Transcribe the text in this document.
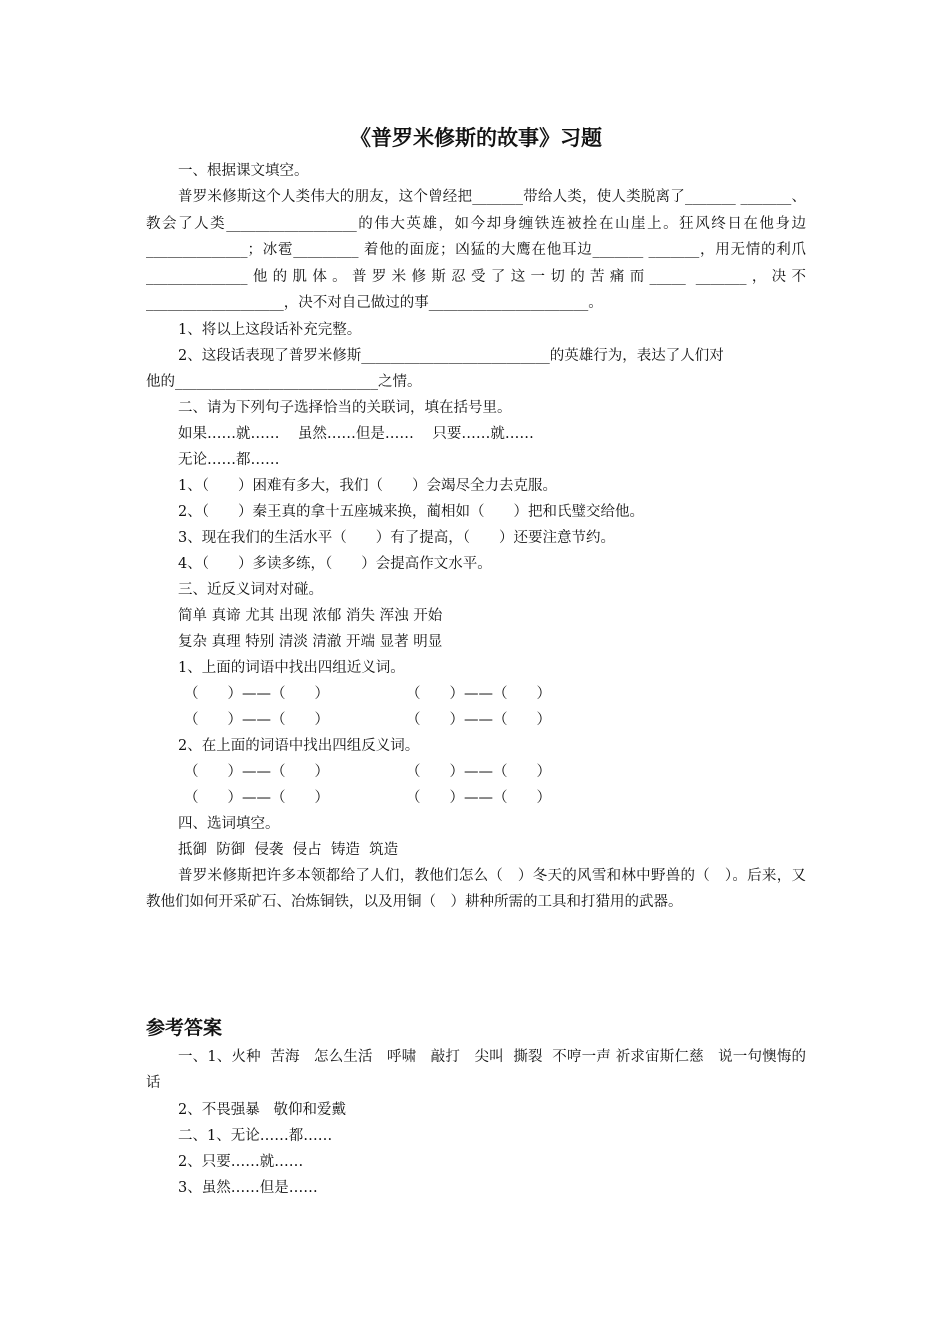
《普罗米修斯的故事》习题
一、根据课文填空。
普罗米修斯这个人类伟大的朋友，这个曾经把_______带给人类，使人类脱离了_______ _______、教会了人类__________________的伟大英雄，如今却身缠铁连被拴在山崖上。狂风终日在他身边______________；冰雹_________ 着他的面庞；凶猛的大鹰在他耳边_______ _______，用无情的利爪______________他的肌体。普罗米修斯忍受了这一切的苦痛而_____ _______，决不___________________，决不对自己做过的事______________________。
1、将以上这段话补充完整。
2、这段话表现了普罗米修斯__________________________的英雄行为，表达了人们对
他的____________________________之情。
二、请为下列句子选择恰当的关联词，填在括号里。
如果……就……    虽然……但是……    只要……就……
无论……都……
1、（　　）困难有多大，我们（　　）会竭尽全力去克服。
2、（　　）秦王真的拿十五座城来换，蔺相如（　　）把和氏璧交给他。
3、现在我们的生活水平（　　）有了提高，（　　）还要注意节约。
4、（　　）多读多练，（　　）会提高作文水平。
三、近反义词对对碰。
简单 真谛 尤其 出现 浓郁 消失 浑浊 开始
复杂 真理 特别 清淡 清澈 开端 显著 明显
1、上面的词语中找出四组近义词。
（　　）——（　　）	（　　）——（　　）
（　　）——（　　）	（　　）——（　　）
2、在上面的词语中找出四组反义词。
（　　）——（　　）	（　　）——（　　）
（　　）——（　　）	（　　）——（　　）
四、选词填空。
抵御  防御  侵袭  侵占  铸造  筑造
普罗米修斯把许多本领都给了人们，教他们怎么（　）冬天的风雪和林中野兽的（　）。后来，又教他们如何开采矿石、冶炼铜铁，以及用铜（　）耕种所需的工具和打猎用的武器。
参考答案
一、1、火种  苦海   怎么生活   呼啸   敲打   尖叫  撕裂  不哼一声 祈求宙斯仁慈   说一句懊悔的话
2、不畏强暴   敬仰和爱戴
二、1、无论……都……
2、只要……就……
3、虽然……但是……
